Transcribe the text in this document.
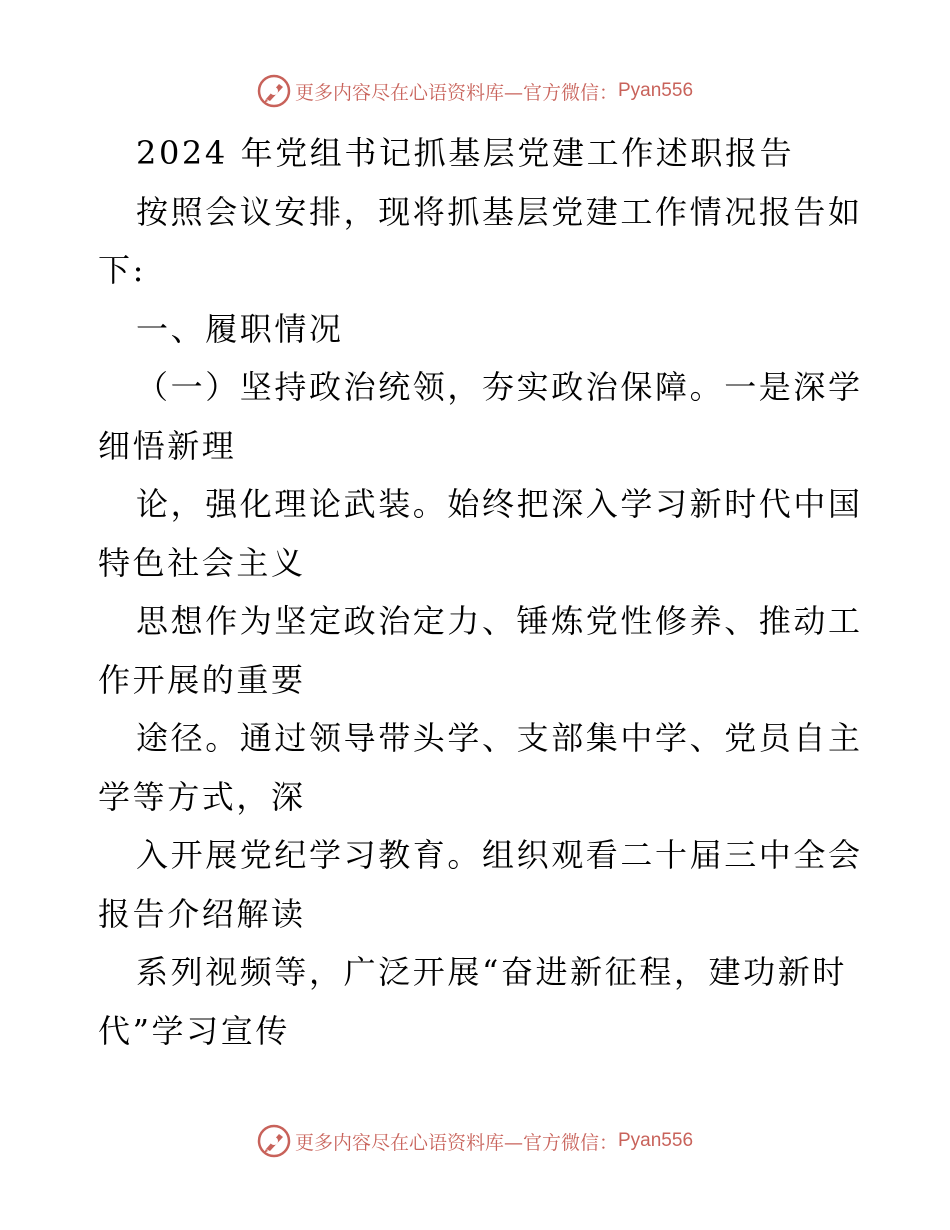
更多内容尽在心语资料库—官方微信： Pyan556
2024 年党组书记抓基层党建工作述职报告
按照会议安排，现将抓基层党建工作情况报告如
下:
一、履职情况
（一）坚持政治统领，夯实政治保障。一是深学
细悟新理
论，强化理论武装。始终把深入学习新时代中国
特色社会主义
思想作为坚定政治定力、锤炼党性修养、推动工
作开展的重要
途径。通过领导带头学、支部集中学、党员自主
学等方式，深
入开展党纪学习教育。组织观看二十届三中全会
报告介绍解读
系列视频等，广泛开展“奋进新征程，建功新时
代”学习宣传
更多内容尽在心语资料库—官方微信： Pyan556
